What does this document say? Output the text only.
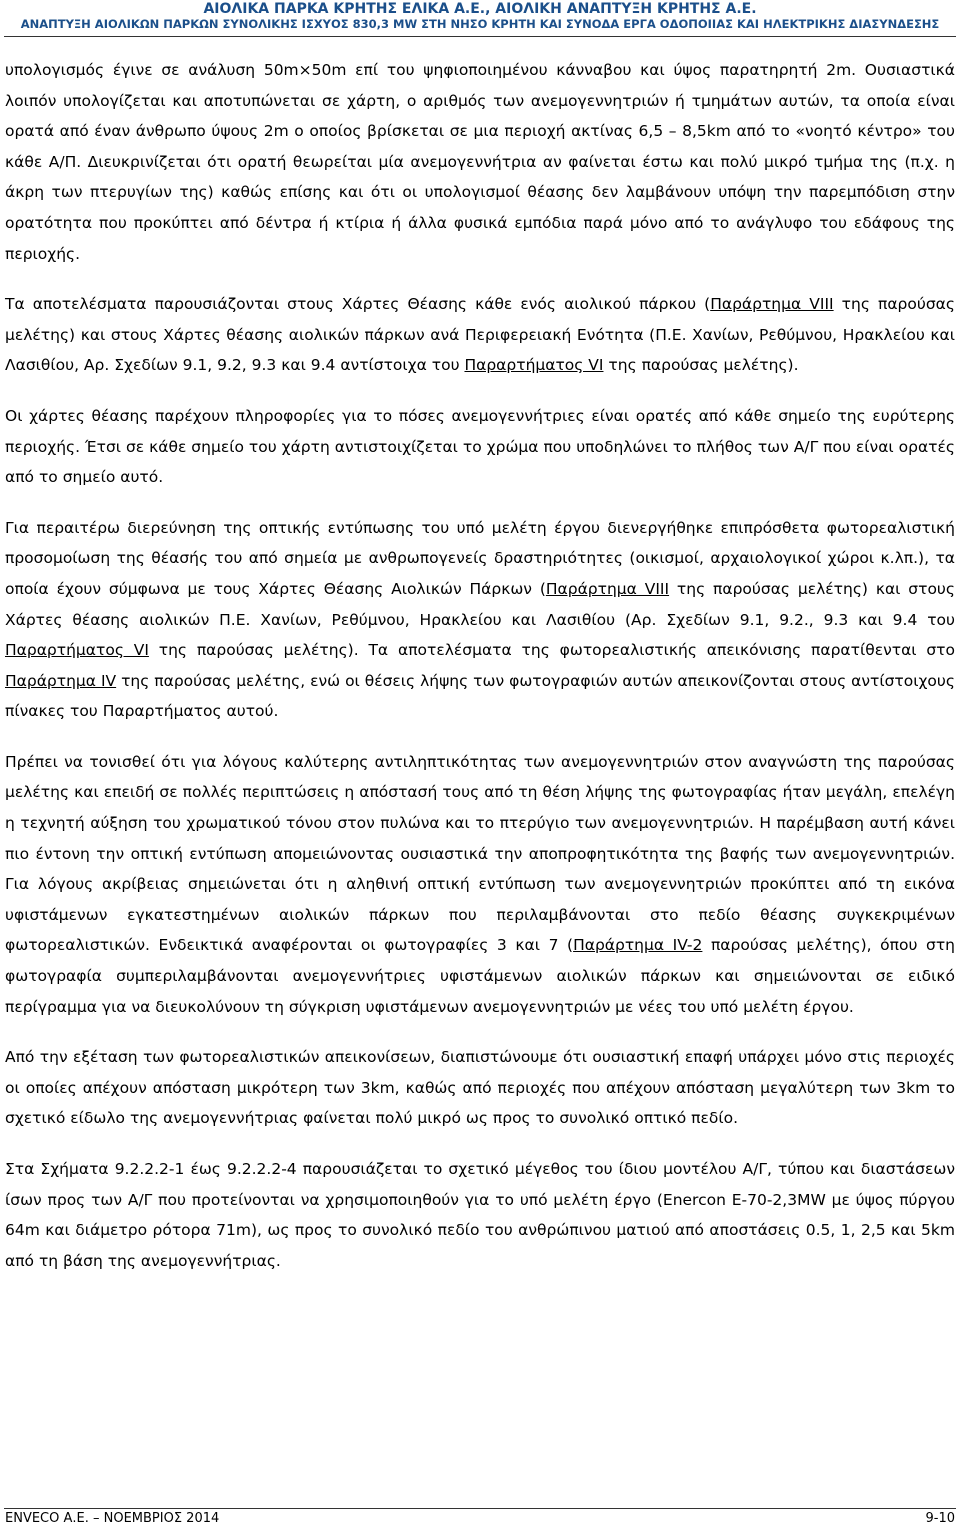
ΑΙΟΛΙΚΑ ΠΑΡΚΑ ΚΡΗΤΗΣ ΕΛΙΚΑ Α.Ε., ΑΙΟΛΙΚΗ ΑΝΑΠΤΥΞΗ ΚΡΗΤΗΣ Α.Ε.
ΑΝΑΠΤΥΞΗ ΑΙΟΛΙΚΩΝ ΠΑΡΚΩΝ ΣΥΝΟΛΙΚΗΣ ΙΣΧΥΟΣ 830,3 MW ΣΤΗ ΝΗΣΟ ΚΡΗΤΗ ΚΑΙ ΣΥΝΟΔΑ ΕΡΓΑ ΟΔΟΠΟΙΙΑΣ ΚΑΙ ΗΛΕΚΤΡΙΚΗΣ ΔΙΑΣΥΝΔΕΣΗΣ

υπολογισμός έγινε σε ανάλυση 50m×50m επί του ψηφιοποιημένου κάνναβου και ύψος παρατηρητή 2m. Ουσιαστικά λοιπόν υπολογίζεται και αποτυπώνεται σε χάρτη, ο αριθμός των ανεμογεννητριών ή τμημάτων αυτών, τα οποία είναι ορατά από έναν άνθρωπο ύψους 2m ο οποίος βρίσκεται σε μια περιοχή ακτίνας 6,5 – 8,5km από το «νοητό κέντρο» του κάθε Α/Π. Διευκρινίζεται ότι ορατή θεωρείται μία ανεμογεννήτρια αν φαίνεται έστω και πολύ μικρό τμήμα της (π.χ. η άκρη των πτερυγίων της) καθώς επίσης και ότι οι υπολογισμοί θέασης δεν λαμβάνουν υπόψη την παρεμπόδιση στην ορατότητα που προκύπτει από δέντρα ή κτίρια ή άλλα φυσικά εμπόδια παρά μόνο από το ανάγλυφο του εδάφους της περιοχής.

Τα αποτελέσματα παρουσιάζονται στους Χάρτες Θέασης κάθε ενός αιολικού πάρκου (Παράρτημα VIII της παρούσας μελέτης) και στους Χάρτες θέασης αιολικών πάρκων ανά Περιφερειακή Ενότητα (Π.Ε. Χανίων, Ρεθύμνου, Ηρακλείου και Λασιθίου, Αρ. Σχεδίων 9.1, 9.2, 9.3 και 9.4 αντίστοιχα του Παραρτήματος VI της παρούσας μελέτης).

Οι χάρτες θέασης παρέχουν πληροφορίες για το πόσες ανεμογεννήτριες είναι ορατές από κάθε σημείο της ευρύτερης περιοχής. Έτσι σε κάθε σημείο του χάρτη αντιστοιχίζεται το χρώμα που υποδηλώνει το πλήθος των Α/Γ που είναι ορατές από το σημείο αυτό.

Για περαιτέρω διερεύνηση της οπτικής εντύπωσης του υπό μελέτη έργου διενεργήθηκε επιπρόσθετα φωτορεαλιστική προσομοίωση της θέασής του από σημεία με ανθρωπογενείς δραστηριότητες (οικισμοί, αρχαιολογικοί χώροι κ.λπ.), τα οποία έχουν σύμφωνα με τους Χάρτες Θέασης Αιολικών Πάρκων (Παράρτημα VIII της παρούσας μελέτης) και στους Χάρτες θέασης αιολικών Π.Ε. Χανίων, Ρεθύμνου, Ηρακλείου και Λασιθίου (Αρ. Σχεδίων 9.1, 9.2., 9.3 και 9.4 του Παραρτήματος VI της παρούσας μελέτης). Τα αποτελέσματα της φωτορεαλιστικής απεικόνισης παρατίθενται στο Παράρτημα IV της παρούσας μελέτης, ενώ οι θέσεις λήψης των φωτογραφιών αυτών απεικονίζονται στους αντίστοιχους πίνακες του Παραρτήματος αυτού.

Πρέπει να τονισθεί ότι για λόγους καλύτερης αντιληπτικότητας των ανεμογεννητριών στον αναγνώστη της παρούσας μελέτης και επειδή σε πολλές περιπτώσεις η απόστασή τους από τη θέση λήψης της φωτογραφίας ήταν μεγάλη, επελέγη η τεχνητή αύξηση του χρωματικού τόνου στον πυλώνα και το πτερύγιο των ανεμογεννητριών. Η παρέμβαση αυτή κάνει πιο έντονη την οπτική εντύπωση απομειώνοντας ουσιαστικά την αποπροφητικότητα της βαφής των ανεμογεννητριών. Για λόγους ακρίβειας σημειώνεται ότι η αληθινή οπτική εντύπωση των ανεμογεννητριών προκύπτει από τη εικόνα υφιστάμενων εγκατεστημένων αιολικών πάρκων που περιλαμβάνονται στο πεδίο θέασης συγκεκριμένων φωτορεαλιστικών. Ενδεικτικά αναφέρονται οι φωτογραφίες 3 και 7 (Παράρτημα IV-2 παρούσας μελέτης), όπου στη φωτογραφία συμπεριλαμβάνονται ανεμογεννήτριες υφιστάμενων αιολικών πάρκων και σημειώνονται σε ειδικό περίγραμμα για να διευκολύνουν τη σύγκριση υφιστάμενων ανεμογεννητριών με νέες του υπό μελέτη έργου.

Από την εξέταση των φωτορεαλιστικών απεικονίσεων, διαπιστώνουμε ότι ουσιαστική επαφή υπάρχει μόνο στις περιοχές οι οποίες απέχουν απόσταση μικρότερη των 3km, καθώς από περιοχές που απέχουν απόσταση μεγαλύτερη των 3km το σχετικό είδωλο της ανεμογεννήτριας φαίνεται πολύ μικρό ως προς το συνολικό οπτικό πεδίο.

Στα Σχήματα 9.2.2.2-1 έως 9.2.2.2-4 παρουσιάζεται το σχετικό μέγεθος του ίδιου μοντέλου Α/Γ, τύπου και διαστάσεων ίσων προς των Α/Γ που προτείνονται να χρησιμοποιηθούν για το υπό μελέτη έργο (Enercon E-70-2,3MW με ύψος πύργου 64m και διάμετρο ρότορα 71m), ως προς το συνολικό πεδίο του ανθρώπινου ματιού από αποστάσεις 0.5, 1, 2,5 και 5km από τη βάση της ανεμογεννήτριας.

ENVECO Α.Ε. – ΝΟΕΜΒΡΙΟΣ 2014	9-10
